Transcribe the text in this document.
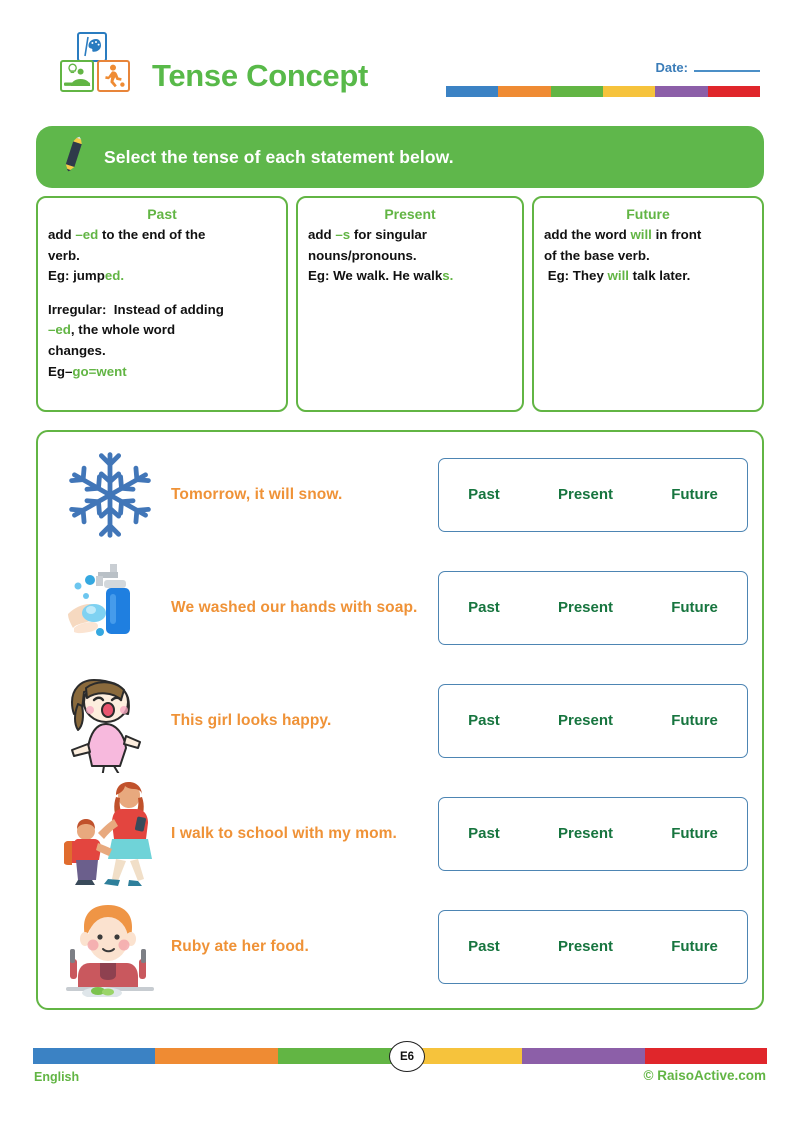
Tense Concept	Date:
Select the tense of each statement below.
Past
add –ed to the end of the
verb.
Eg: jumped.
Irregular:  Instead of adding
–ed, the whole word
changes.
Eg–go=went
Present
add –s for singular
nouns/pronouns.
Eg: We walk. He walks.
Future
add the word will in front
of the base verb.
Eg: They will talk later.
Tomorrow, it will snow.	Past	Present	Future
We washed our hands with soap.	Past	Present	Future
This girl looks happy.	Past	Present	Future
I walk to school with my mom.	Past	Present	Future
Ruby ate her food.	Past	Present	Future
E6
English	© RaisoActive.com
